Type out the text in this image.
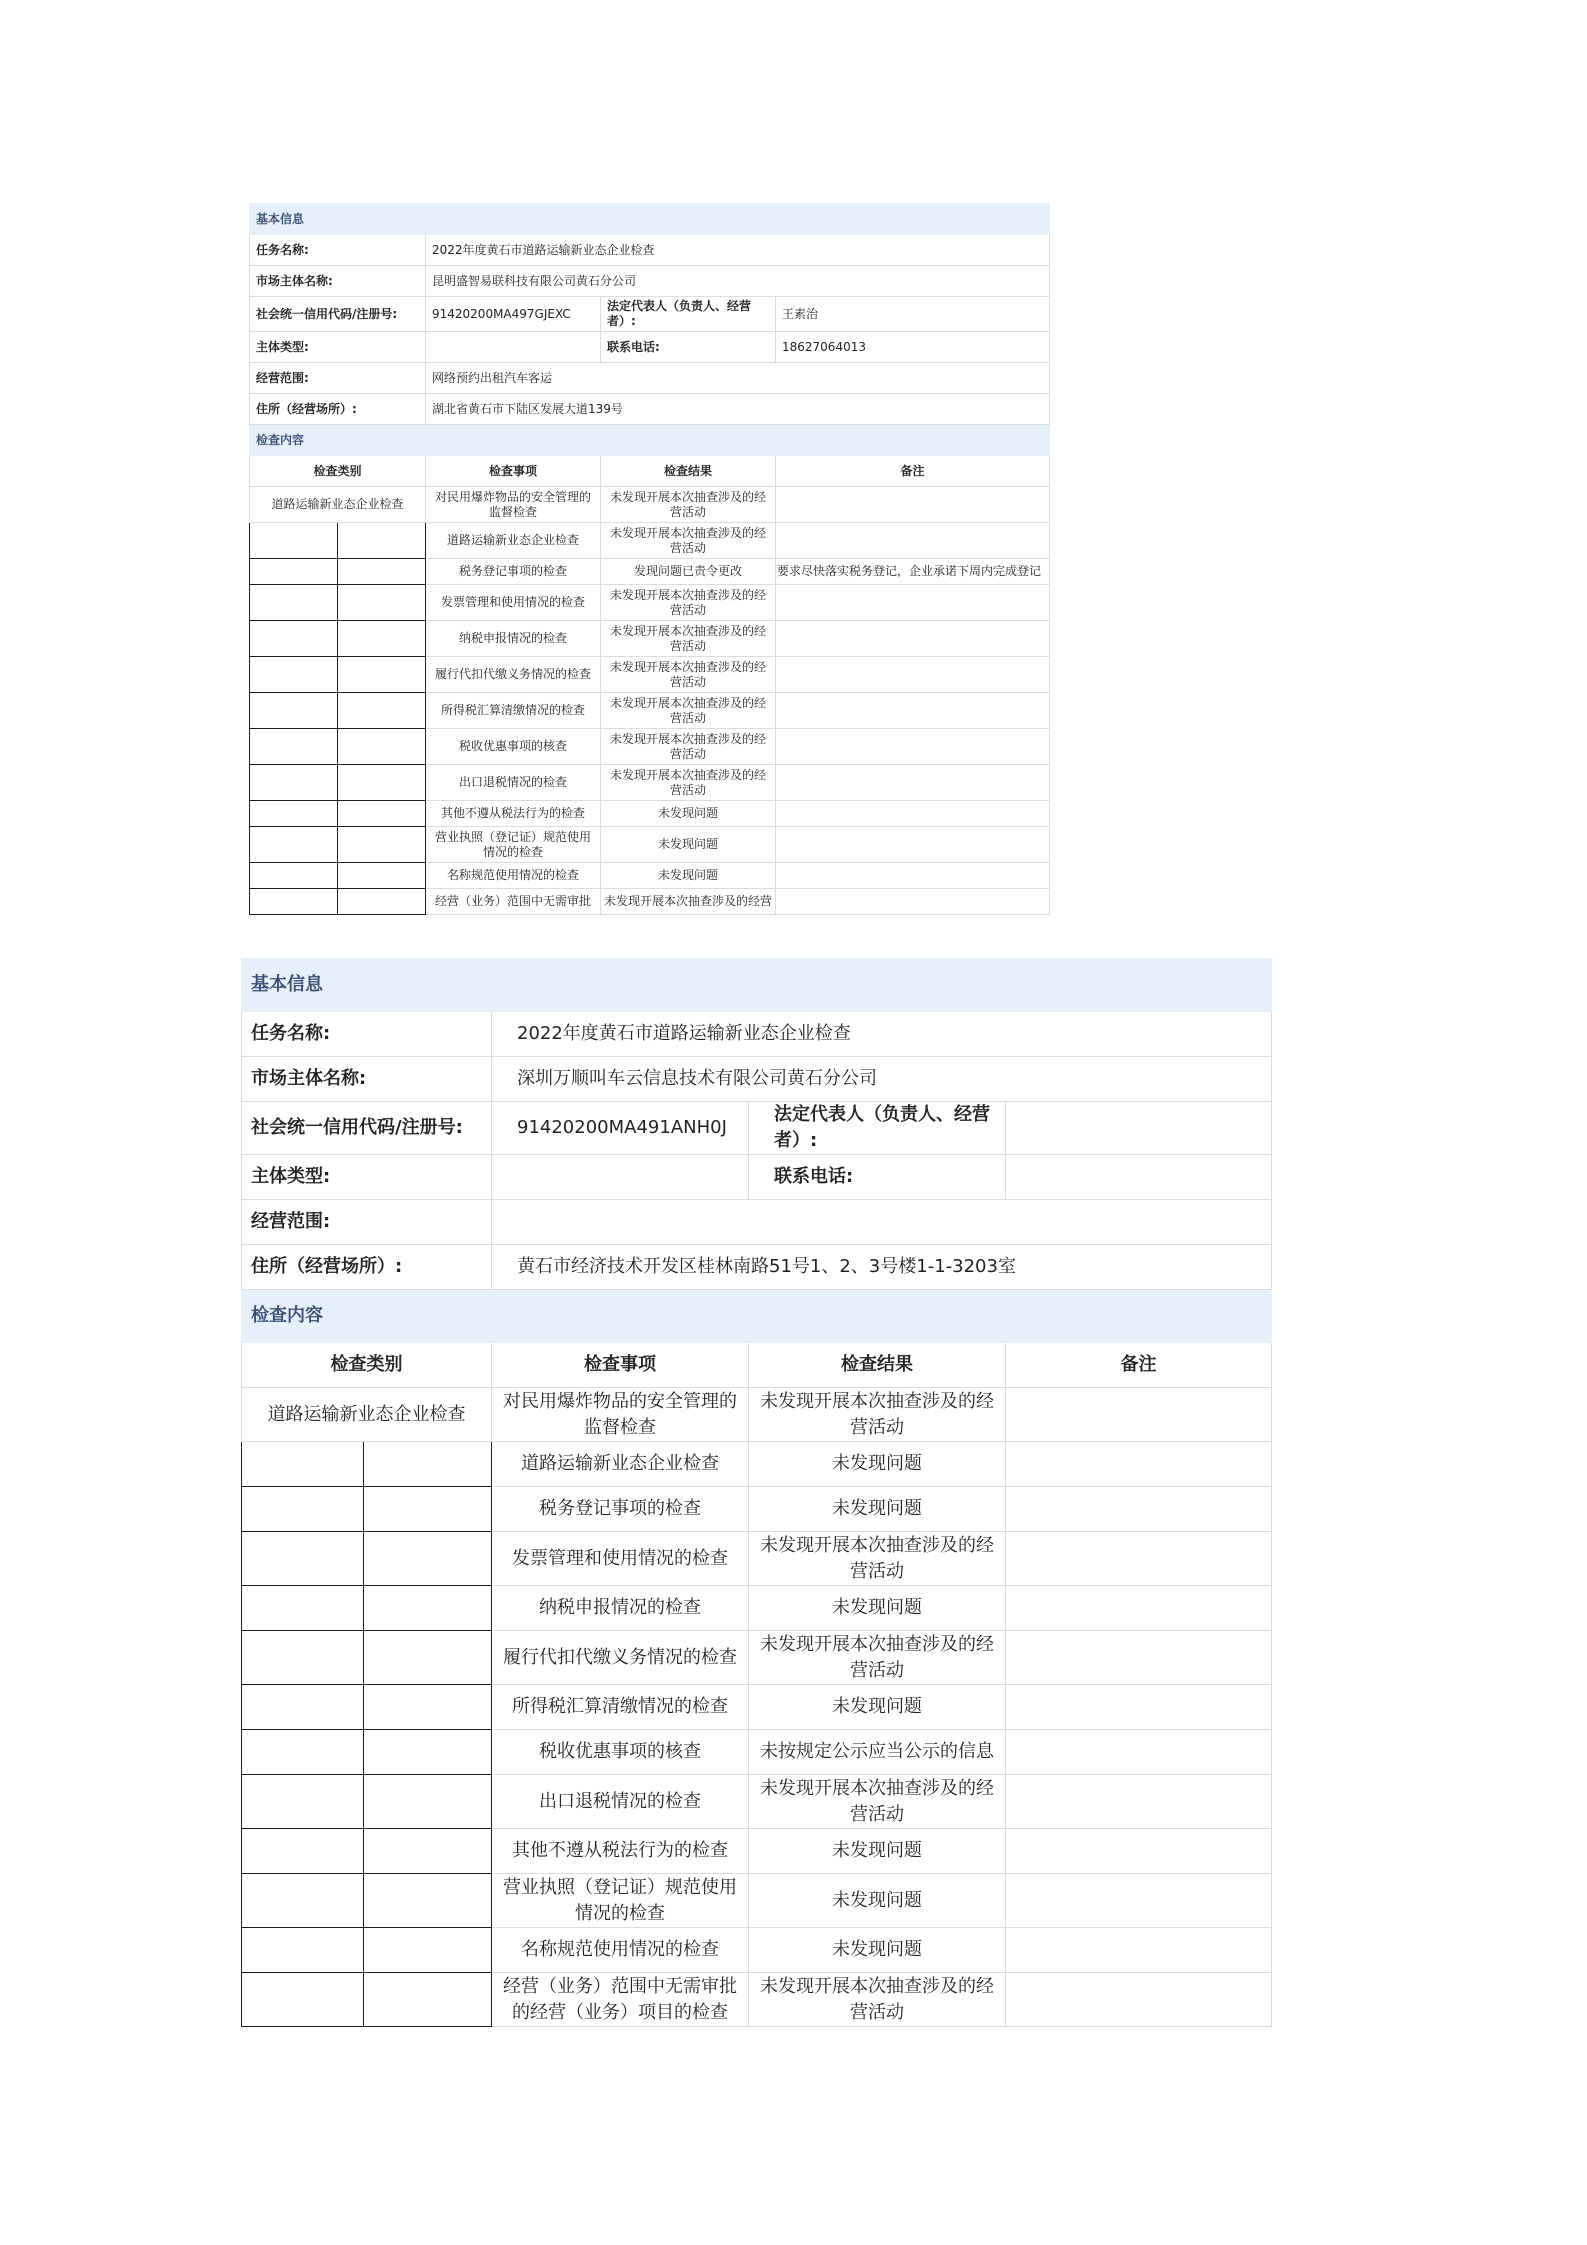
基本信息				
任务名称:		2022年度黄石市道路运输新业态企业检查		
市场主体名称:		昆明盛智易联科技有限公司黄石分公司		
社会统一信用代码/注册号:		91420200MA497GJEXC	法定代表人（负责人、经营者）:	王素治
主体类型:			联系电话:	18627064013
经营范围:		网络预约出租汽车客运		
住所（经营场所）:		湖北省黄石市下陆区发展大道139号		
检查内容				
检查类别		检查事项	检查结果	备注
道路运输新业态企业检查		对民用爆炸物品的安全管理的监督检查	未发现开展本次抽查涉及的经营活动	
		道路运输新业态企业检查	未发现开展本次抽查涉及的经营活动	
		税务登记事项的检查	发现问题已责令更改	要求尽快落实税务登记，企业承诺下周内完成登记
		发票管理和使用情况的检查	未发现开展本次抽查涉及的经营活动	
		纳税申报情况的检查	未发现开展本次抽查涉及的经营活动	
		履行代扣代缴义务情况的检查	未发现开展本次抽查涉及的经营活动	
		所得税汇算清缴情况的检查	未发现开展本次抽查涉及的经营活动	
		税收优惠事项的核查	未发现开展本次抽查涉及的经营活动	
		出口退税情况的检查	未发现开展本次抽查涉及的经营活动	
		其他不遵从税法行为的检查	未发现问题	
		营业执照（登记证）规范使用情况的检查	未发现问题	
		名称规范使用情况的检查	未发现问题	
		经营（业务）范围中无需审批	未发现开展本次抽查涉及的经营	
基本信息				
任务名称:		2022年度黄石市道路运输新业态企业检查		
市场主体名称:		深圳万顺叫车云信息技术有限公司黄石分公司		
社会统一信用代码/注册号:		91420200MA491ANH0J	法定代表人（负责人、经营者）:	
主体类型:			联系电话:	
经营范围:				
住所（经营场所）:		黄石市经济技术开发区桂林南路51号1、2、3号楼1-1-3203室		
检查内容				
检查类别		检查事项	检查结果	备注
道路运输新业态企业检查		对民用爆炸物品的安全管理的监督检查	未发现开展本次抽查涉及的经营活动	
		道路运输新业态企业检查	未发现问题	
		税务登记事项的检查	未发现问题	
		发票管理和使用情况的检查	未发现开展本次抽查涉及的经营活动	
		纳税申报情况的检查	未发现问题	
		履行代扣代缴义务情况的检查	未发现开展本次抽查涉及的经营活动	
		所得税汇算清缴情况的检查	未发现问题	
		税收优惠事项的核查	未按规定公示应当公示的信息	
		出口退税情况的检查	未发现开展本次抽查涉及的经营活动	
		其他不遵从税法行为的检查	未发现问题	
		营业执照（登记证）规范使用情况的检查	未发现问题	
		名称规范使用情况的检查	未发现问题	
		经营（业务）范围中无需审批的经营（业务）项目的检查	未发现开展本次抽查涉及的经营活动	
